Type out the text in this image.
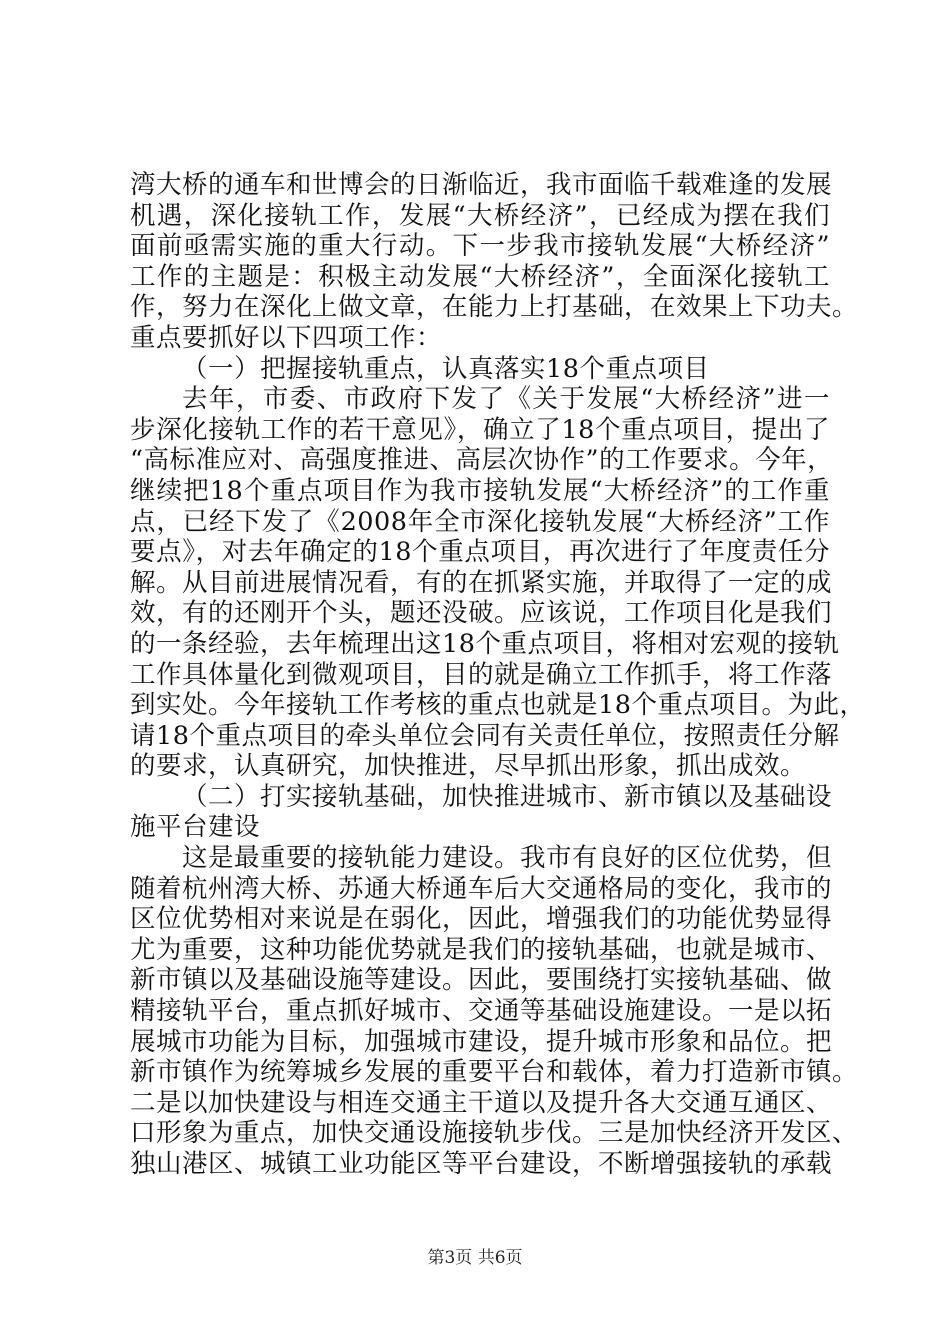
湾大桥的通车和世博会的日渐临近，我市面临千载难逢的发展
机遇，深化接轨工作，发展“大桥经济”，已经成为摆在我们
面前亟需实施的重大行动。下一步我市接轨发展“大桥经济”
工作的主题是：积极主动发展“大桥经济”，全面深化接轨工
作，努力在深化上做文章，在能力上打基础，在效果上下功夫。
重点要抓好以下四项工作：
（一）把握接轨重点，认真落实18个重点项目
去年，市委、市政府下发了《关于发展“大桥经济”进一
步深化接轨工作的若干意见》，确立了18个重点项目，提出了
“高标准应对、高强度推进、高层次协作”的工作要求。今年，
继续把18个重点项目作为我市接轨发展“大桥经济”的工作重
点，已经下发了《2008年全市深化接轨发展“大桥经济”工作
要点》，对去年确定的18个重点项目，再次进行了年度责任分
解。从目前进展情况看，有的在抓紧实施，并取得了一定的成
效，有的还刚开个头，题还没破。应该说，工作项目化是我们
的一条经验，去年梳理出这18个重点项目，将相对宏观的接轨
工作具体量化到微观项目，目的就是确立工作抓手，将工作落
到实处。今年接轨工作考核的重点也就是18个重点项目。为此，
请18个重点项目的牵头单位会同有关责任单位，按照责任分解
的要求，认真研究，加快推进，尽早抓出形象，抓出成效。
（二）打实接轨基础，加快推进城市、新市镇以及基础设
施平台建设
这是最重要的接轨能力建设。我市有良好的区位优势，但
随着杭州湾大桥、苏通大桥通车后大交通格局的变化，我市的
区位优势相对来说是在弱化，因此，增强我们的功能优势显得
尤为重要，这种功能优势就是我们的接轨基础，也就是城市、
新市镇以及基础设施等建设。因此，要围绕打实接轨基础、做
精接轨平台，重点抓好城市、交通等基础设施建设。一是以拓
展城市功能为目标，加强城市建设，提升城市形象和品位。把
新市镇作为统筹城乡发展的重要平台和载体，着力打造新市镇。
二是以加快建设与相连交通主干道以及提升各大交通互通区、
口形象为重点，加快交通设施接轨步伐。三是加快经济开发区、
独山港区、城镇工业功能区等平台建设，不断增强接轨的承载
第3页 共6页
